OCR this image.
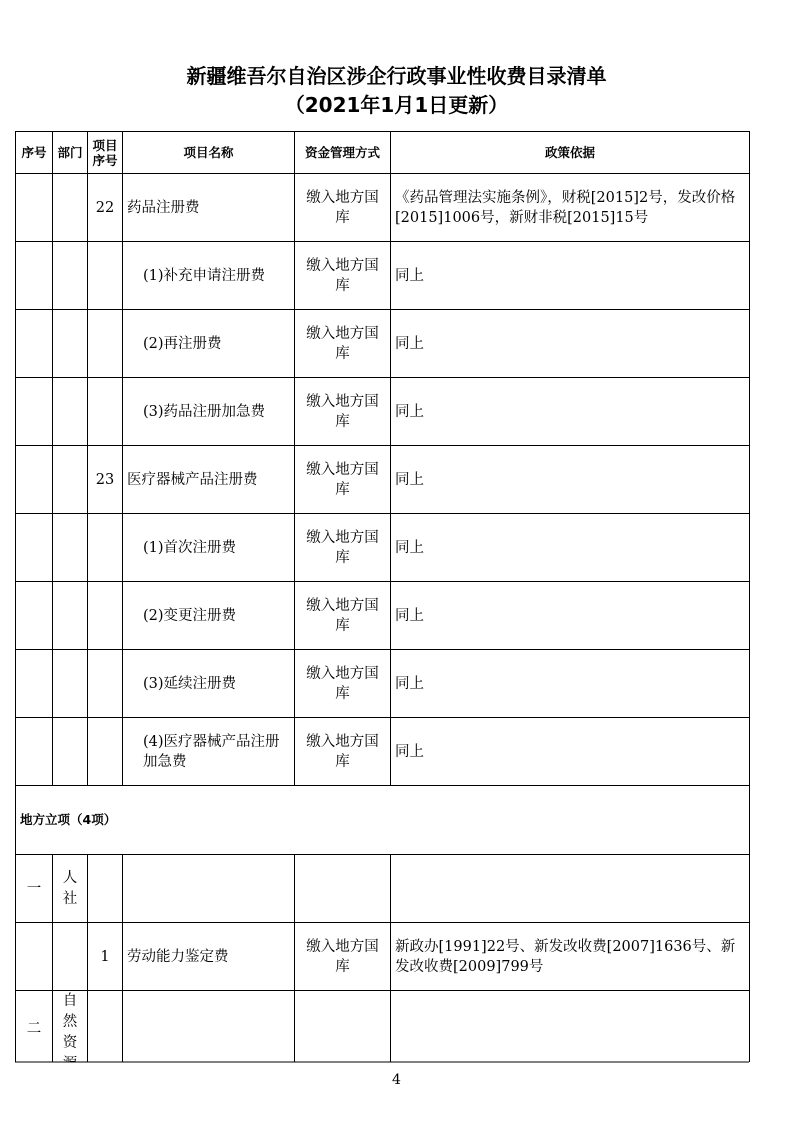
新疆维吾尔自治区涉企行政事业性收费目录清单
（2021年1月1日更新）
序号	部门	项目序号	项目名称	资金管理方式	政策依据
		22	药品注册费	缴入地方国库	《药品管理法实施条例》，财税[2015]2号，发改价格[2015]1006号，新财非税[2015]15号
			(1)补充申请注册费	缴入地方国库	同上
			(2)再注册费	缴入地方国库	同上
			(3)药品注册加急费	缴入地方国库	同上
		23	医疗器械产品注册费	缴入地方国库	同上
			(1)首次注册费	缴入地方国库	同上
			(2)变更注册费	缴入地方国库	同上
			(3)延续注册费	缴入地方国库	同上
			(4)医疗器械产品注册加急费	缴入地方国库	同上
地方立项（4项）					
一	人社				
		1	劳动能力鉴定费	缴入地方国库	新政办[1991]22号、新发改收费[2007]1636号、新发改收费[2009]799号
二	自然资				
4
